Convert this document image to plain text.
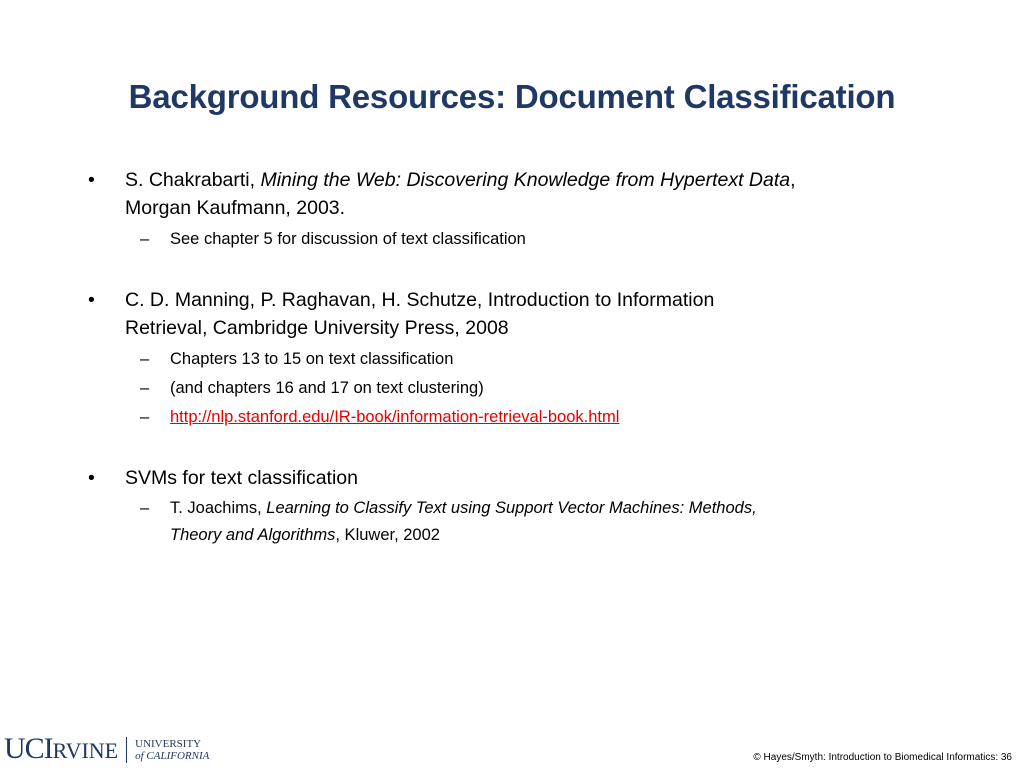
Background Resources: Document Classification

• S. Chakrabarti, Mining the Web: Discovering Knowledge from Hypertext Data,
Morgan Kaufmann, 2003.

– See chapter 5 for discussion of text classification

• C. D. Manning, P. Raghavan, H. Schutze, Introduction to Information
Retrieval, Cambridge University Press, 2008

– Chapters 13 to 15 on text classification
– (and chapters 16 and 17 on text clustering)
– http://nlp.stanford.edu/IR-book/information-retrieval-book.html

• SVMs for text classification

– T. Joachims, Learning to Classify Text using Support Vector Machines: Methods,
Theory and Algorithms, Kluwer, 2002
UCIRVINE UNIVERSITY
of CALIFORNIA	© Hayes/Smyth: Introduction to Biomedical Informatics: 36
